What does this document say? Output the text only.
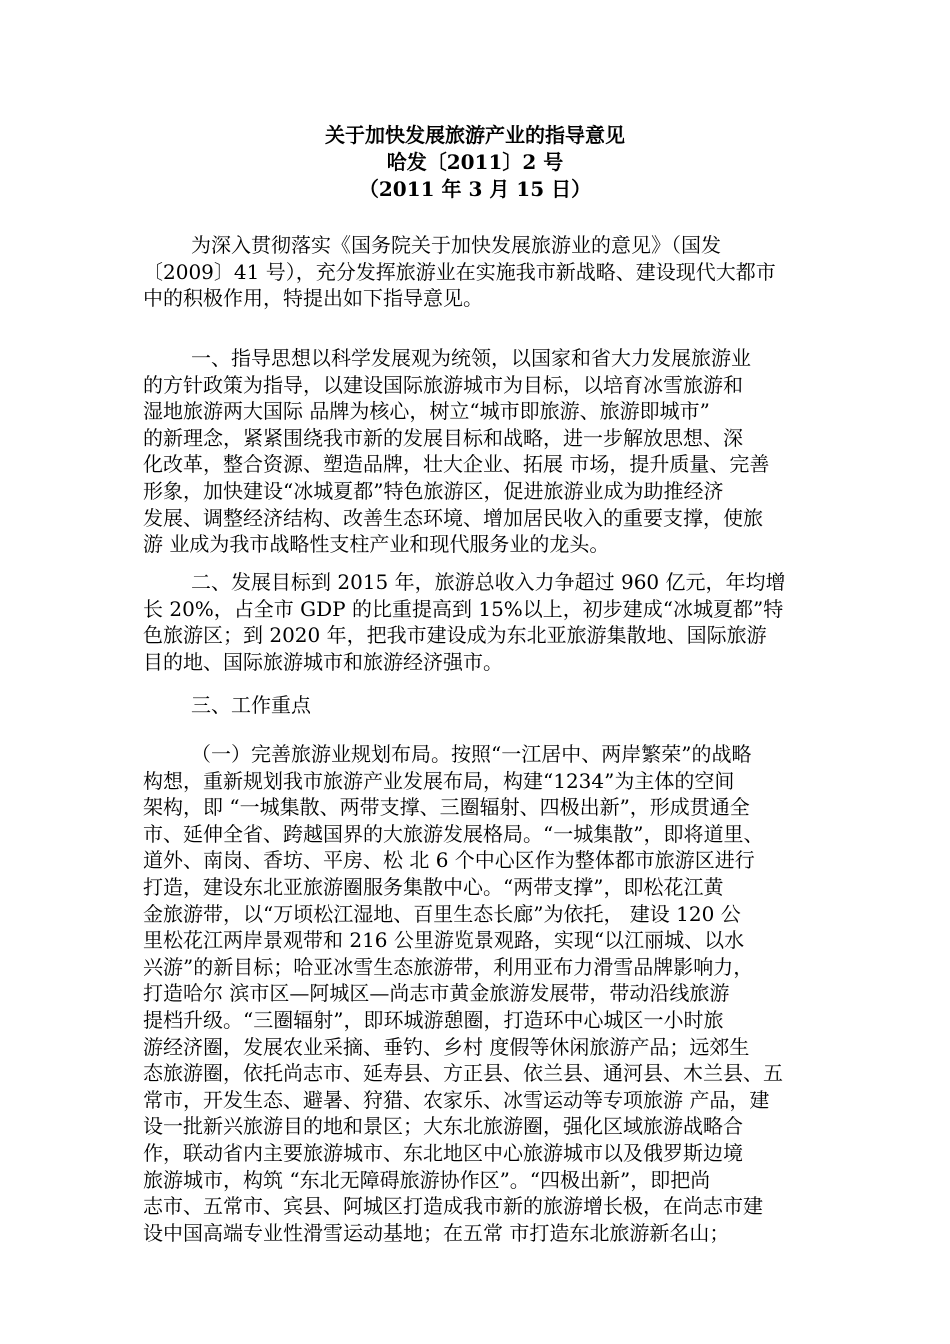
关于加快发展旅游产业的指导意见
哈发〔2011〕2 号
（2011 年 3 月 15 日）
为深入贯彻落实《国务院关于加快发展旅游业的意见》（国发
〔2009〕41 号），充分发挥旅游业在实施我市新战略、建设现代大都市
中的积极作用，特提出如下指导意见。
一、指导思想以科学发展观为统领，以国家和省大力发展旅游业
的方针政策为指导，以建设国际旅游城市为目标，以培育冰雪旅游和
湿地旅游两大国际 品牌为核心，树立“城市即旅游、旅游即城市”
的新理念，紧紧围绕我市新的发展目标和战略，进一步解放思想、深
化改革，整合资源、塑造品牌，壮大企业、拓展 市场，提升质量、完善
形象，加快建设“冰城夏都”特色旅游区，促进旅游业成为助推经济
发展、调整经济结构、改善生态环境、增加居民收入的重要支撑，使旅
游 业成为我市战略性支柱产业和现代服务业的龙头。
二、发展目标到 2015 年，旅游总收入力争超过 960 亿元，年均增
长 20%，占全市 GDP 的比重提高到 15%以上，初步建成“冰城夏都”特
色旅游区；到 2020 年，把我市建设成为东北亚旅游集散地、国际旅游
目的地、国际旅游城市和旅游经济强市。
三、工作重点
（一）完善旅游业规划布局。按照“一江居中、两岸繁荣”的战略
构想，重新规划我市旅游产业发展布局，构建“1234”为主体的空间
架构，即 “一城集散、两带支撑、三圈辐射、四极出新”，形成贯通全
市、延伸全省、跨越国界的大旅游发展格局。“一城集散”，即将道里、
道外、南岗、香坊、平房、松 北 6 个中心区作为整体都市旅游区进行
打造，建设东北亚旅游圈服务集散中心。“两带支撑”，即松花江黄
金旅游带，以“万顷松江湿地、百里生态长廊”为依托， 建设 120 公
里松花江两岸景观带和 216 公里游览景观路，实现“以江丽城、以水
兴游”的新目标；哈亚冰雪生态旅游带，利用亚布力滑雪品牌影响力，
打造哈尔 滨市区—阿城区—尚志市黄金旅游发展带，带动沿线旅游
提档升级。“三圈辐射”，即环城游憩圈，打造环中心城区一小时旅
游经济圈，发展农业采摘、垂钓、乡村 度假等休闲旅游产品；远郊生
态旅游圈，依托尚志市、延寿县、方正县、依兰县、通河县、木兰县、五
常市，开发生态、避暑、狩猎、农家乐、冰雪运动等专项旅游 产品，建
设一批新兴旅游目的地和景区；大东北旅游圈，强化区域旅游战略合
作，联动省内主要旅游城市、东北地区中心旅游城市以及俄罗斯边境
旅游城市，构筑 “东北无障碍旅游协作区”。“四极出新”，即把尚
志市、五常市、宾县、阿城区打造成我市新的旅游增长极，在尚志市建
设中国高端专业性滑雪运动基地；在五常 市打造东北旅游新名山；
